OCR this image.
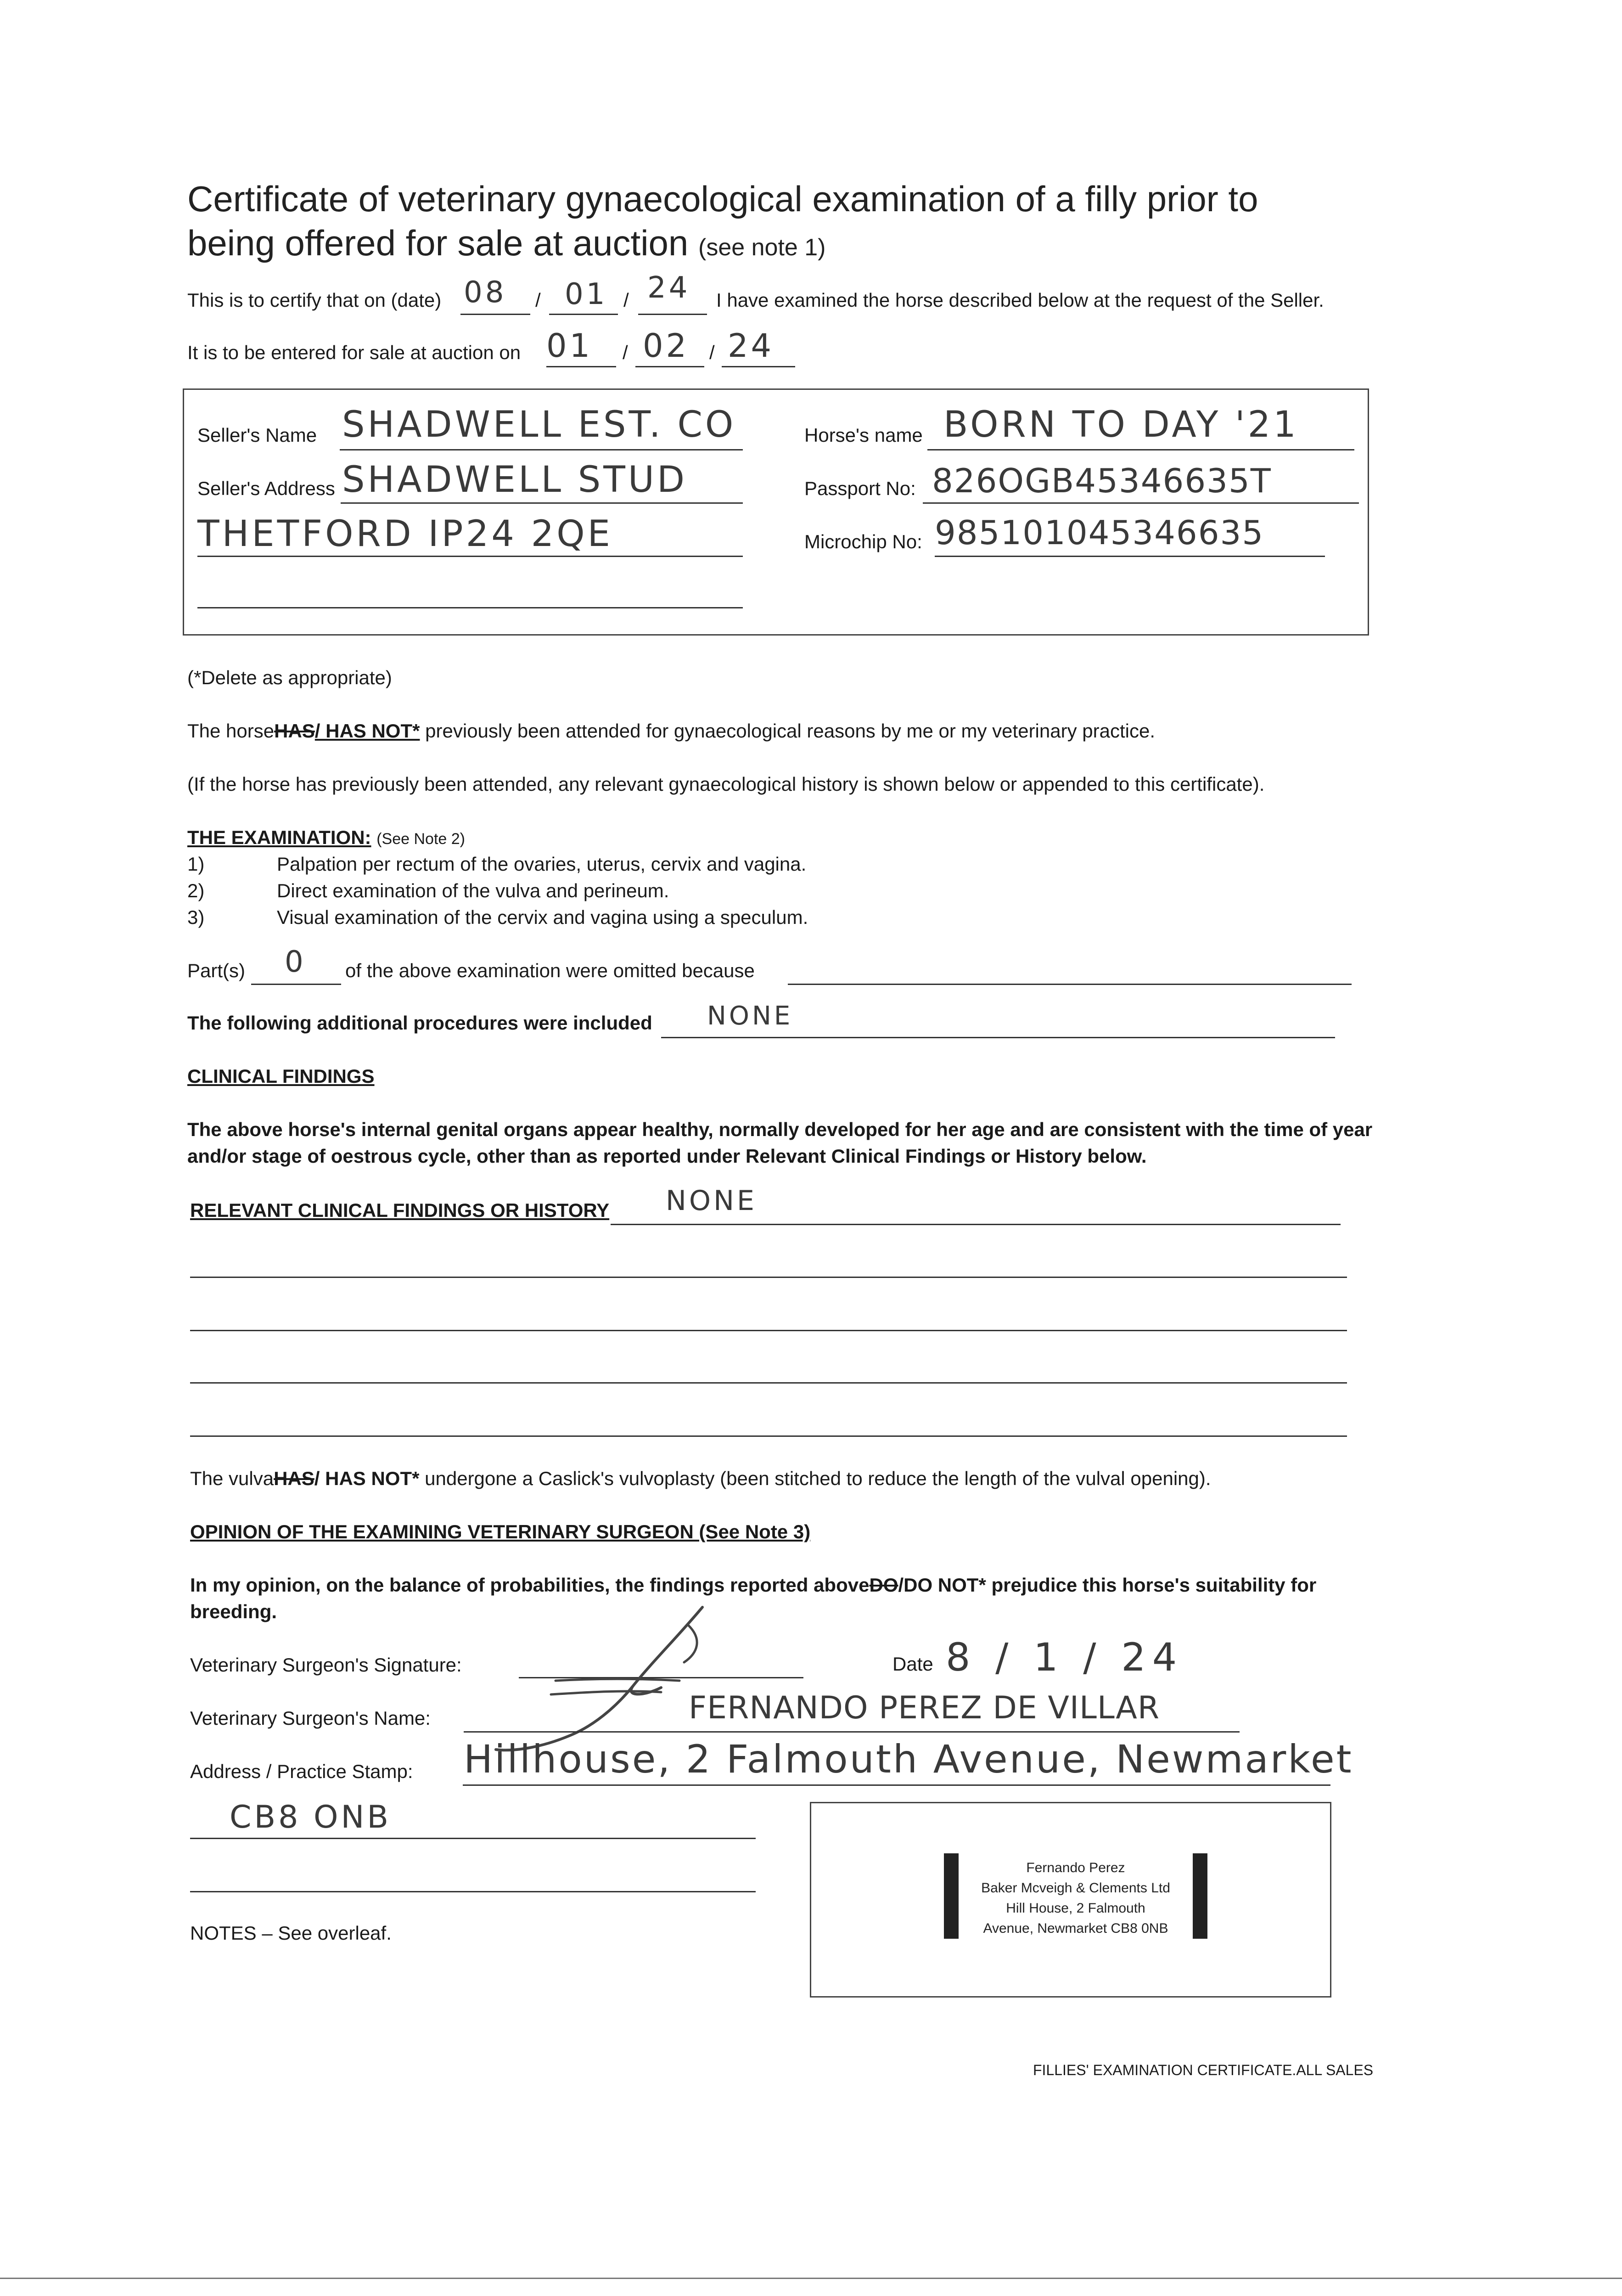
Certificate of veterinary gynaecological examination of a filly prior to
being offered for sale at auction (see note 1)
This is to certify that on (date) 08 / 01 / 24 I have examined the horse described below at the request of the Seller.
It is to be entered for sale at auction on 01 / 02 / 24
Seller's Name SHADWELL EST. CO
Seller's Address SHADWELL STUD
THETFORD IP24 2QE
Horse's name BORN TO DAY '21
Passport No: 826OGB45346635T
Microchip No: 985101045346635
(*Delete as appropriate)
The horseHAS/ HAS NOT* previously been attended for gynaecological reasons by me or my veterinary practice.
(If the horse has previously been attended, any relevant gynaecological history is shown below or appended to this certificate).
THE EXAMINATION: (See Note 2)
1)	Palpation per rectum of the ovaries, uterus, cervix and vagina.
2)	Direct examination of the vulva and perineum.
3)	Visual examination of the cervix and vagina using a speculum.
Part(s) 0 of the above examination were omitted because
The following additional procedures were included NONE
CLINICAL FINDINGS
The above horse's internal genital organs appear healthy, normally developed for her age and are consistent with the time of year
and/or stage of oestrous cycle, other than as reported under Relevant Clinical Findings or History below.
RELEVANT CLINICAL FINDINGS OR HISTORY NONE
The vulvaHAS/ HAS NOT* undergone a Caslick's vulvoplasty (been stitched to reduce the length of the vulval opening).
OPINION OF THE EXAMINING VETERINARY SURGEON (See Note 3)
In my opinion, on the balance of probabilities, the findings reported aboveDO/DO NOT* prejudice this horse's suitability for
breeding.
Veterinary Surgeon's Signature:	Date 8 / 1 / 24
Veterinary Surgeon's Name:	FERNANDO PEREZ DE VILLAR
Address / Practice Stamp: Hillhouse, 2 Falmouth Avenue, Newmarket
CB8 ONB
NOTES – See overleaf.
Fernando Perez
Baker Mcveigh & Clements Ltd
Hill House, 2 Falmouth
Avenue, Newmarket CB8 0NB
FILLIES' EXAMINATION CERTIFICATE.ALL SALES
